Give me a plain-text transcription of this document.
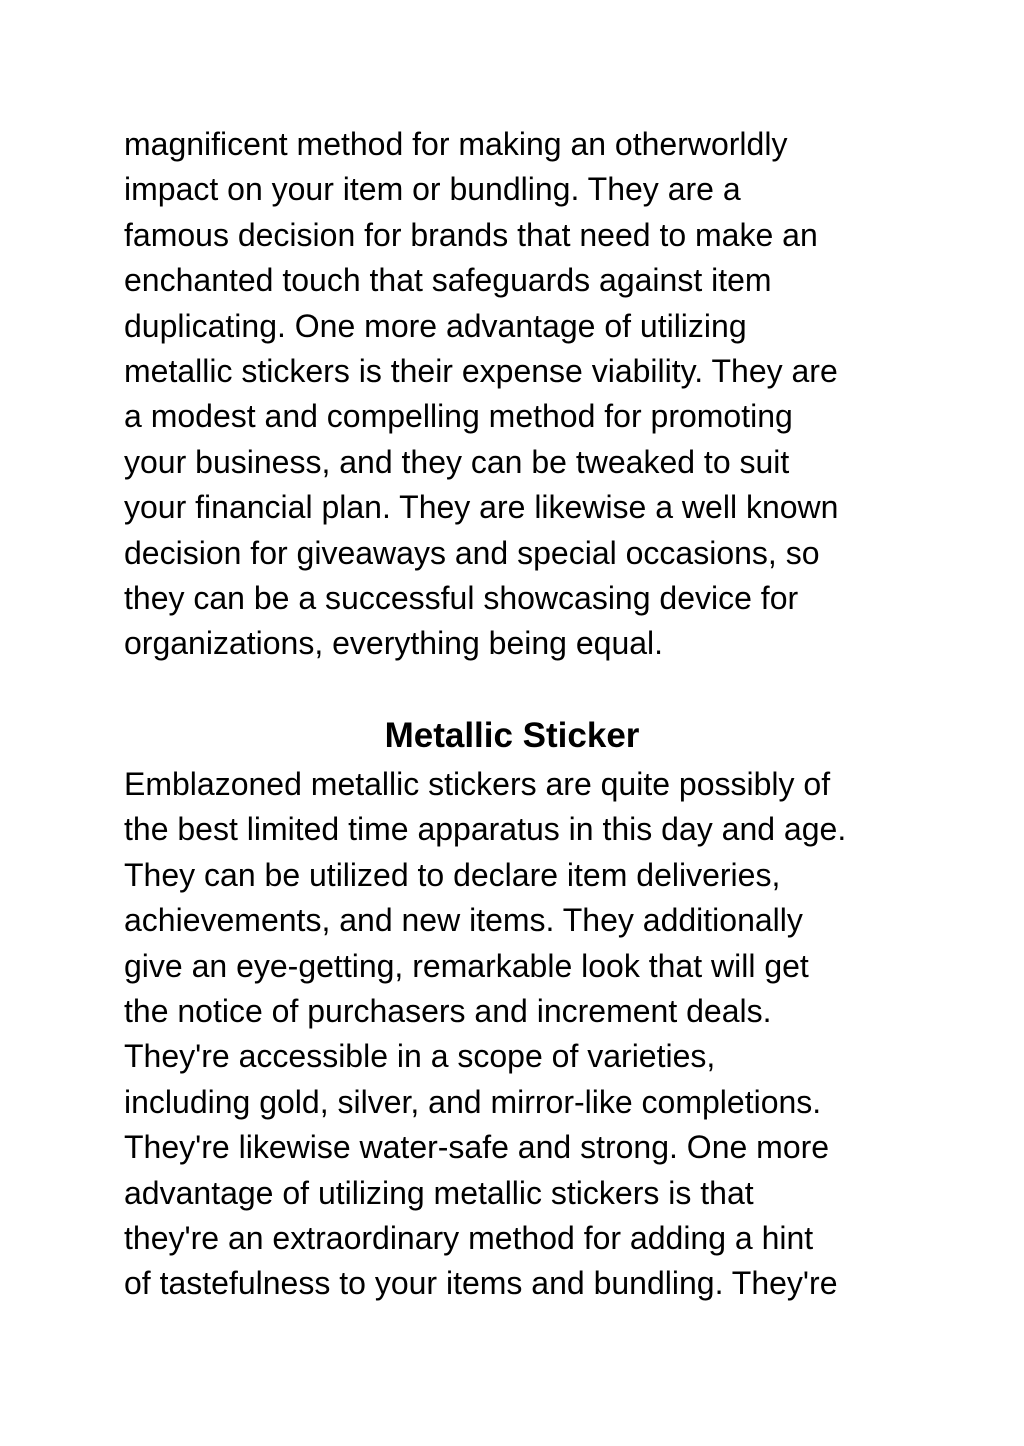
magnificent method for making an otherworldly
impact on your item or bundling. They are a
famous decision for brands that need to make an
enchanted touch that safeguards against item
duplicating. One more advantage of utilizing
metallic stickers is their expense viability. They are
a modest and compelling method for promoting
your business, and they can be tweaked to suit
your financial plan. They are likewise a well known
decision for giveaways and special occasions, so
they can be a successful showcasing device for
organizations, everything being equal.
Metallic Sticker
Emblazoned metallic stickers are quite possibly of
the best limited time apparatus in this day and age.
They can be utilized to declare item deliveries,
achievements, and new items. They additionally
give an eye-getting, remarkable look that will get
the notice of purchasers and increment deals.
They're accessible in a scope of varieties,
including gold, silver, and mirror-like completions.
They're likewise water-safe and strong. One more
advantage of utilizing metallic stickers is that
they're an extraordinary method for adding a hint
of tastefulness to your items and bundling. They're
